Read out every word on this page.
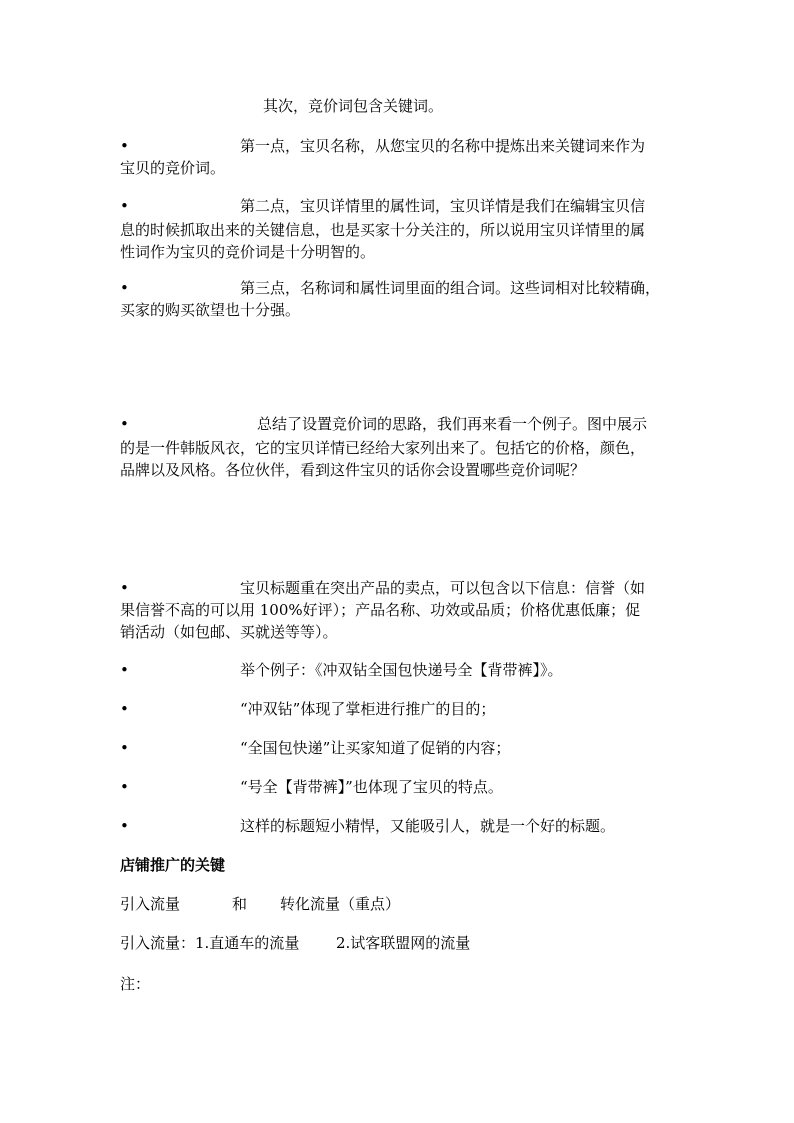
其次，竞价词包含关键词。
•	第一点，宝贝名称，从您宝贝的名称中提炼出来关键词来作为
宝贝的竞价词。
•	第二点，宝贝详情里的属性词，宝贝详情是我们在编辑宝贝信
息的时候抓取出来的关键信息，也是买家十分关注的，所以说用宝贝详情里的属
性词作为宝贝的竞价词是十分明智的。
•	第三点，名称词和属性词里面的组合词。这些词相对比较精确，
买家的购买欲望也十分强。
•	总结了设置竞价词的思路，我们再来看一个例子。图中展示
的是一件韩版风衣，它的宝贝详情已经给大家列出来了。包括它的价格，颜色，
品牌以及风格。各位伙伴，看到这件宝贝的话你会设置哪些竞价词呢？
•	宝贝标题重在突出产品的卖点，可以包含以下信息：信誉（如
果信誉不高的可以用 100%好评）；产品名称、功效或品质；价格优惠低廉；促
销活动（如包邮、买就送等等）。
•	举个例子：《冲双钻全国包快递号全【背带裤】》。
•	“冲双钻”体现了掌柜进行推广的目的；
•	“全国包快递”让买家知道了促销的内容；
•	“号全【背带裤】”也体现了宝贝的特点。
•	这样的标题短小精悍，又能吸引人，就是一个好的标题。
店铺推广的关键
引入流量	和 转化流量（重点）
引入流量：1.直通车的流量 2.试客联盟网的流量
注：
